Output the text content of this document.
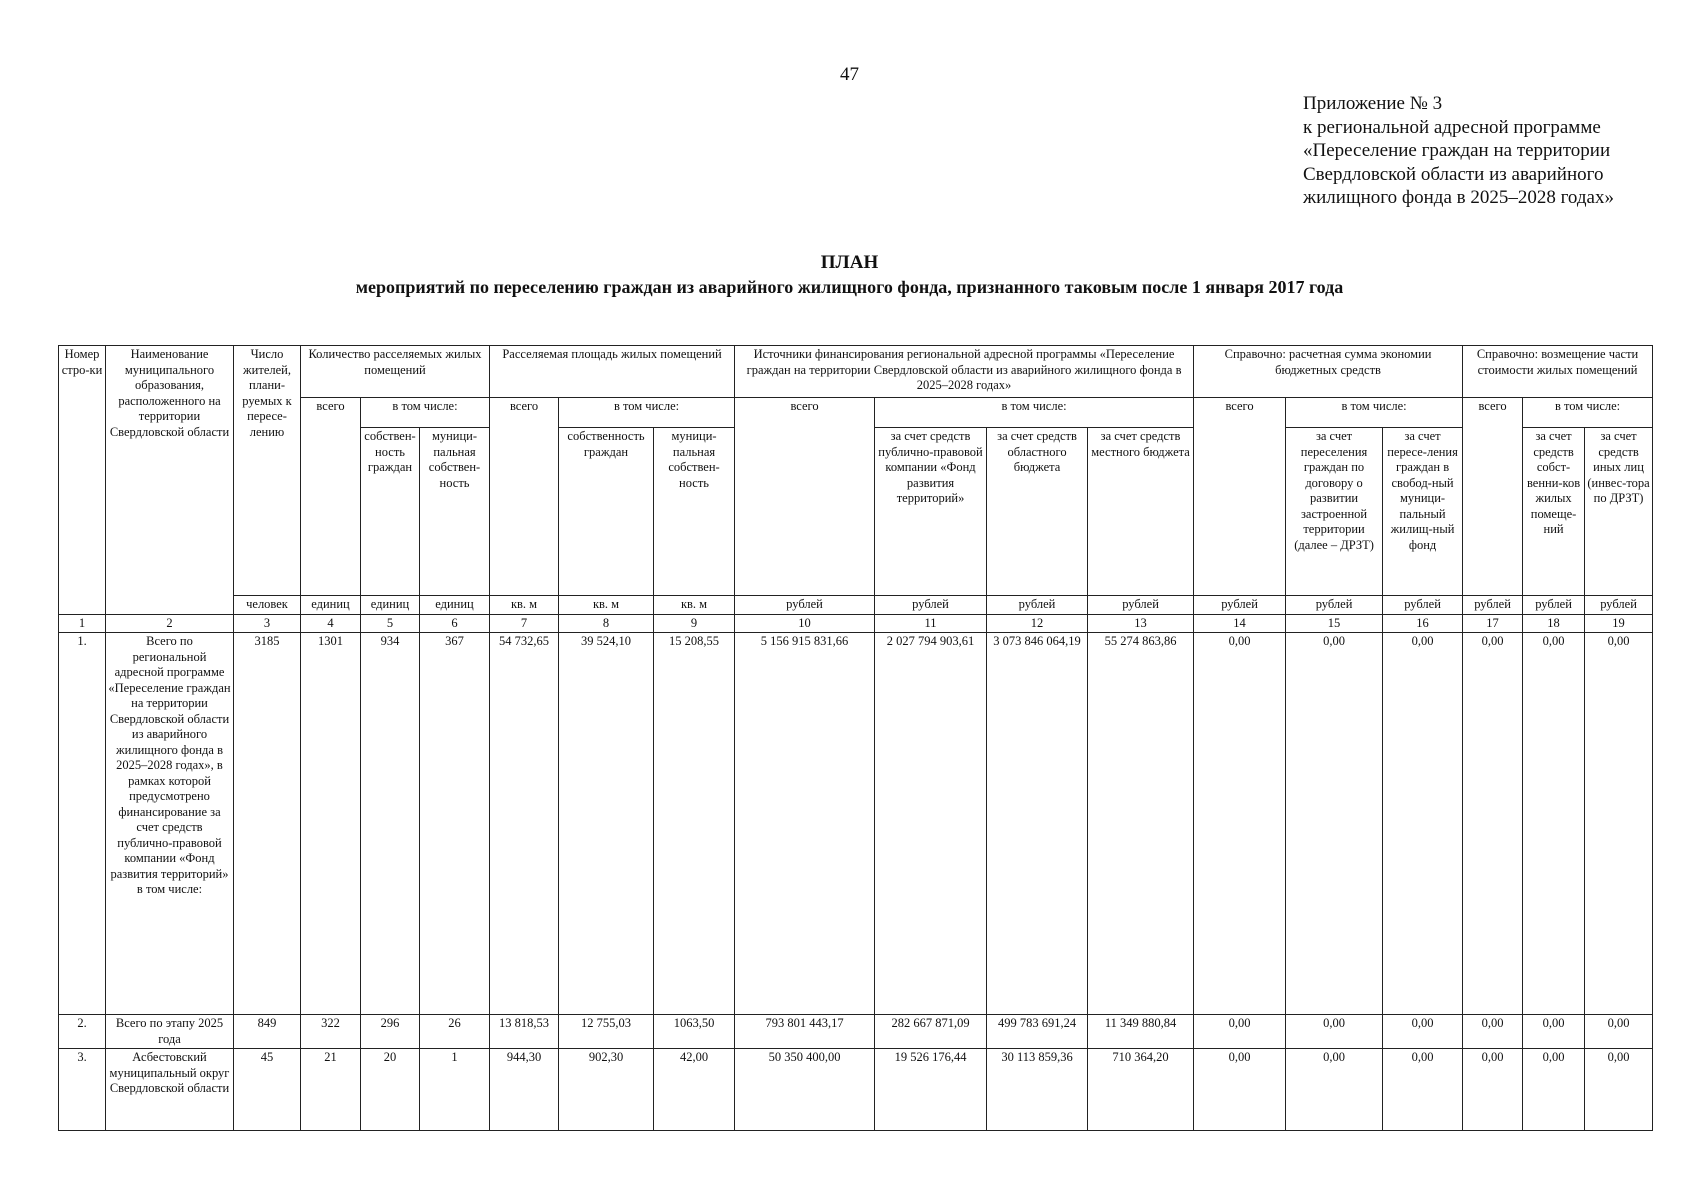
47
Приложение № 3
к региональной адресной программе
«Переселение граждан на территории
Свердловской области из аварийного
жилищного фонда в 2025–2028 годах»
ПЛАН
мероприятий по переселению граждан из аварийного жилищного фонда, признанного таковым после 1 января 2017 года
Номер стро-ки	Наименование муниципального образования, расположенного на территории Свердловской области	Число жителей, плани-руемых к пересе-лению	Количество расселяемых жилых помещений			Расселяемая площадь жилых помещений			Источники финансирования региональной адресной программы «Переселение граждан на территории Свердловской области из аварийного жилищного фонда в 2025–2028 годах»				Справочно: расчетная сумма экономии бюджетных средств			Справочно: возмещение части стоимости жилых помещений		
			всего	в том числе:		всего	в том числе:		всего	в том числе:			всего	в том числе:		всего	в том числе:	
				собствен-ность граждан	муници-пальная собствен-ность		собственность граждан	муници-пальная собствен-ность		за счет средств публично-правовой компании «Фонд развития территорий»	за счет средств областного бюджета	за счет средств местного бюджета		за счет переселения граждан по договору о развитии застроенной территории (далее – ДРЗТ)	за счет пересе-ления граждан в свобод-ный муници-пальный жилищ-ный фонд		за счет средств собст-венни-ков жилых помеще-ний	за счет средств иных лиц (инвес-тора по ДРЗТ)
		человек	единиц	единиц	единиц	кв. м	кв. м	кв. м	рублей	рублей	рублей	рублей	рублей	рублей	рублей	рублей	рублей	рублей
1	2	3	4	5	6	7	8	9	10	11	12	13	14	15	16	17	18	19
1.	Всего по региональной адресной программе «Переселение граждан на территории Свердловской области из аварийного жилищного фонда в 2025–2028 годах», в рамках которой предусмотрено финансирование за счет средств публично-правовой компании «Фонд развития территорий» в том числе:	3185	1301	934	367	54 732,65	39 524,10	15 208,55	5 156 915 831,66	2 027 794 903,61	3 073 846 064,19	55 274 863,86	0,00	0,00	0,00	0,00	0,00	0,00
2.	Всего по этапу 2025 года	849	322	296	26	13 818,53	12 755,03	1063,50	793 801 443,17	282 667 871,09	499 783 691,24	11 349 880,84	0,00	0,00	0,00	0,00	0,00	0,00
3.	Асбестовский муниципальный округ Свердловской области	45	21	20	1	944,30	902,30	42,00	50 350 400,00	19 526 176,44	30 113 859,36	710 364,20	0,00	0,00	0,00	0,00	0,00	0,00
